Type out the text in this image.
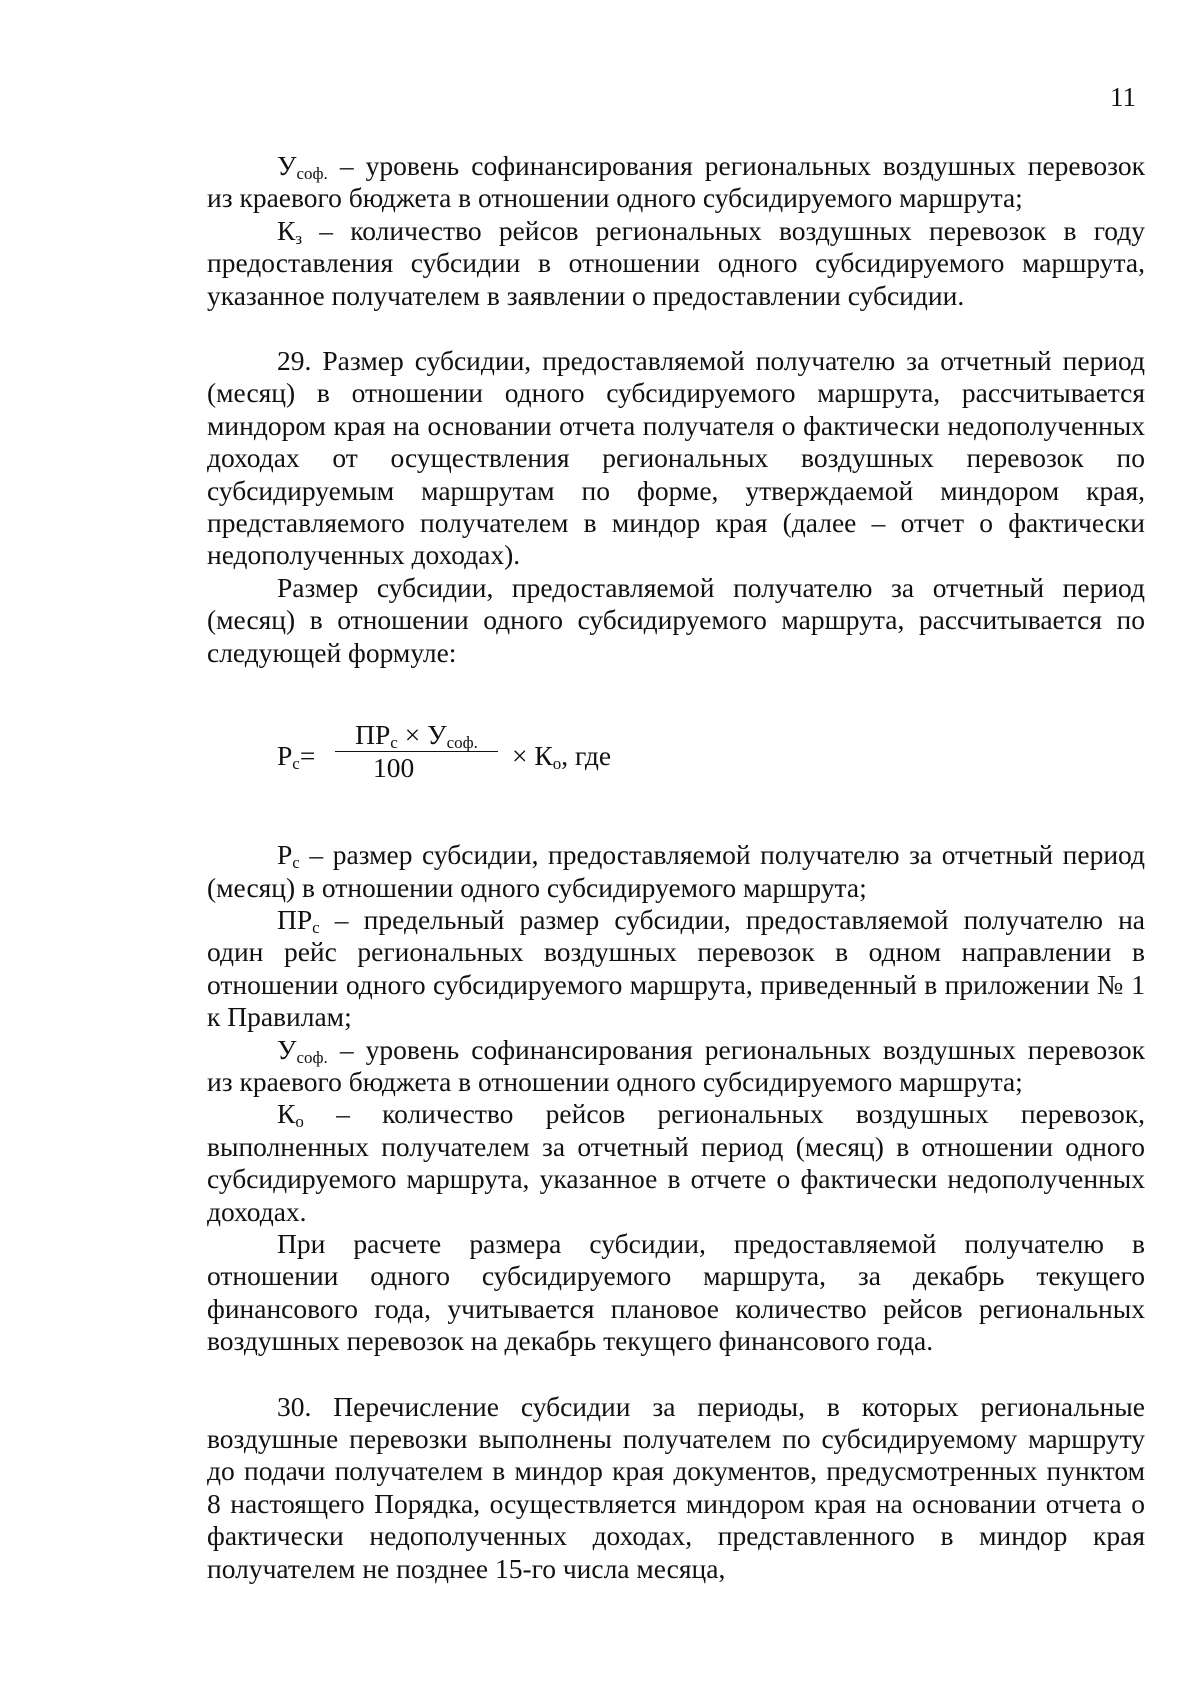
11

$У_{соф.}$ – уровень софинансирования региональных воздушных перевозок из краевого бюджета в отношении одного субсидируемого маршрута;

$К_з$ – количество рейсов региональных воздушных перевозок в году предоставления субсидии в отношении одного субсидируемого маршрута, указанное получателем в заявлении о предоставлении субсидии.

29. Размер субсидии, предоставляемой получателю за отчетный период (месяц) в отношении одного субсидируемого маршрута, рассчитывается миндором края на основании отчета получателя о фактически недополученных доходах от осуществления региональных воздушных перевозок по субсидируемым маршрутам по форме, утверждаемой миндором края, представляемого получателем в миндор края (далее – отчет о фактически недополученных доходах).

Размер субсидии, предоставляемой получателю за отчетный период (месяц) в отношении одного субсидируемого маршрута, рассчитывается по следующей формуле:

$Р_с=$
$ПР_с \times У_{соф.}$
100	× $К_о$, где

$Р_с$ – размер субсидии, предоставляемой получателю за отчетный период (месяц) в отношении одного субсидируемого маршрута;

$ПР_с$ – предельный размер субсидии, предоставляемой получателю на один рейс региональных воздушных перевозок в одном направлении в отношении одного субсидируемого маршрута, приведенный в приложении № 1 к Правилам;

$У_{соф.}$ – уровень софинансирования региональных воздушных перевозок из краевого бюджета в отношении одного субсидируемого маршрута;

$К_о$ – количество рейсов региональных воздушных перевозок, выполненных получателем за отчетный период (месяц) в отношении одного субсидируемого маршрута, указанное в отчете о фактически недополученных доходах.

При расчете размера субсидии, предоставляемой получателю в отношении одного субсидируемого маршрута, за декабрь текущего финансового года, учитывается плановое количество рейсов региональных воздушных перевозок на декабрь текущего финансового года.

30. Перечисление субсидии за периоды, в которых региональные воздушные перевозки выполнены получателем по субсидируемому маршруту до подачи получателем в миндор края документов, предусмотренных пунктом 8 настоящего Порядка, осуществляется миндором края на основании отчета о фактически недополученных доходах, представленного в миндор края получателем не позднее 15-го числа месяца,
